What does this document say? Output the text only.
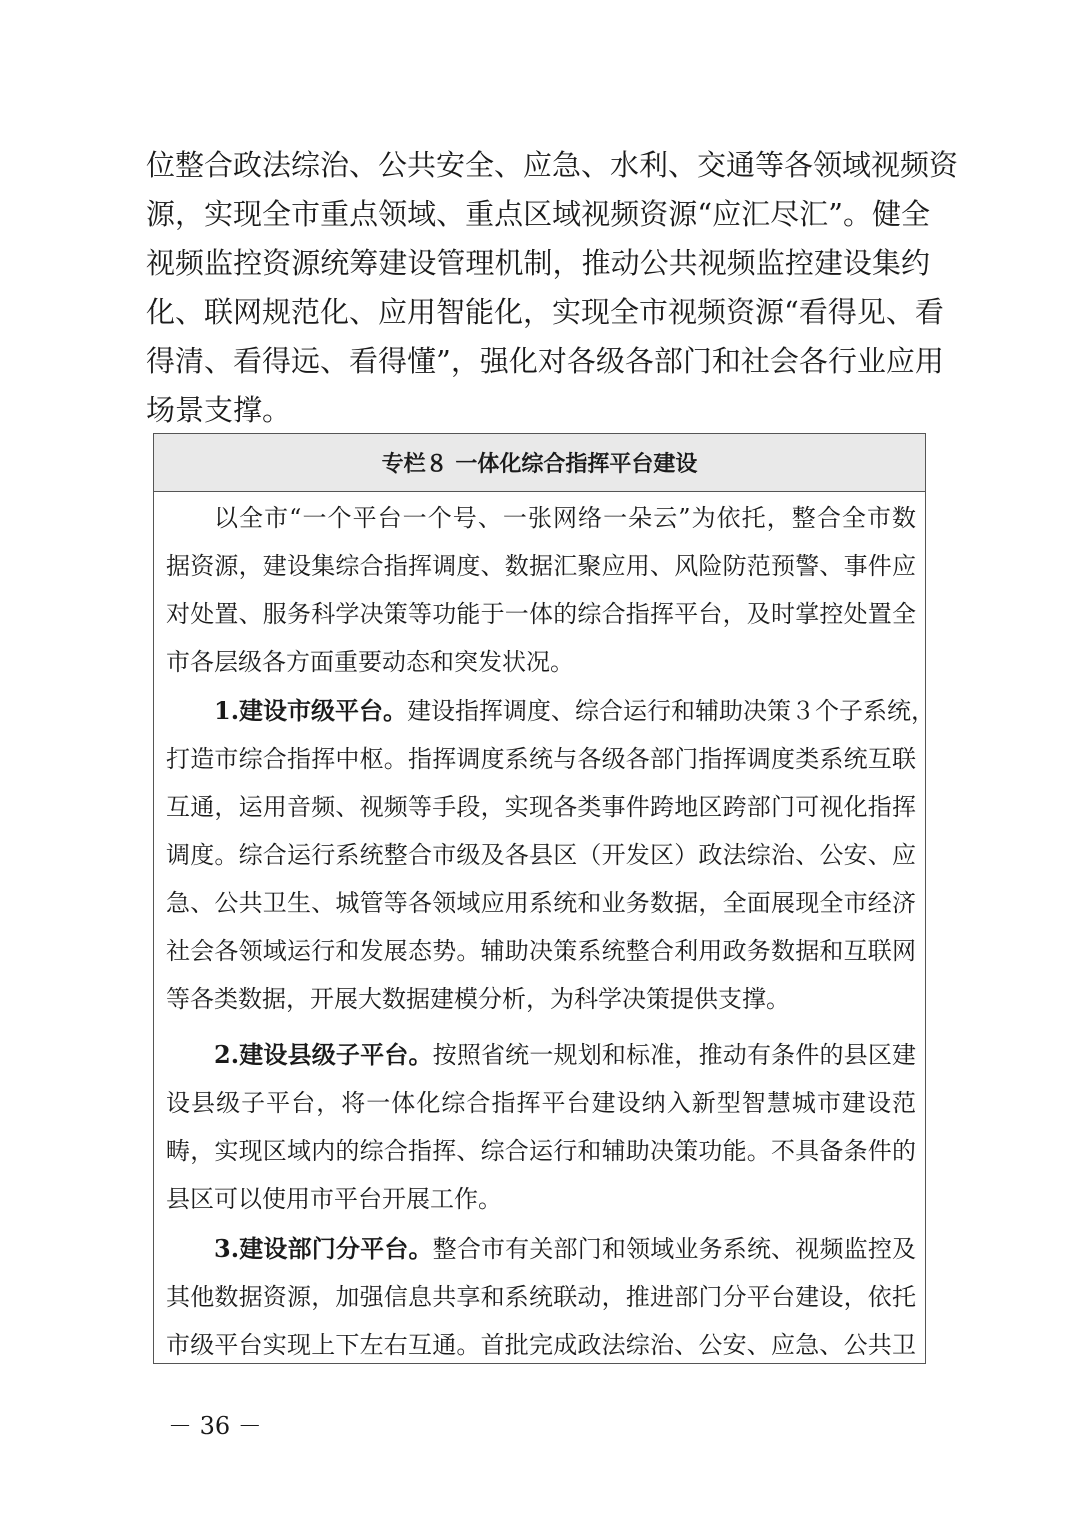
位整合政法综治、公共安全、应急、水利、交通等各领域视频资
源，实现全市重点领域、重点区域视频资源“应汇尽汇”。健全
视频监控资源统筹建设管理机制，推动公共视频监控建设集约
化、联网规范化、应用智能化，实现全市视频资源“看得见、看
得清、看得远、看得懂”，强化对各级各部门和社会各行业应用
场景支撑。
专栏８ 一体化综合指挥平台建设
以全市“一个平台一个号、一张网络一朵云”为依托，整合全市数
据资源，建设集综合指挥调度、数据汇聚应用、风险防范预警、事件应
对处置、服务科学决策等功能于一体的综合指挥平台，及时掌控处置全
市各层级各方面重要动态和突发状况。
1.建设市级平台。建设指挥调度、综合运行和辅助决策３个子系统，
打造市综合指挥中枢。指挥调度系统与各级各部门指挥调度类系统互联
互通，运用音频、视频等手段，实现各类事件跨地区跨部门可视化指挥
调度。综合运行系统整合市级及各县区（开发区）政法综治、公安、应
急、公共卫生、城管等各领域应用系统和业务数据，全面展现全市经济
社会各领域运行和发展态势。辅助决策系统整合利用政务数据和互联网
等各类数据，开展大数据建模分析，为科学决策提供支撑。
2.建设县级子平台。按照省统一规划和标准，推动有条件的县区建
设县级子平台，将一体化综合指挥平台建设纳入新型智慧城市建设范
畴，实现区域内的综合指挥、综合运行和辅助决策功能。不具备条件的
县区可以使用市平台开展工作。
3.建设部门分平台。整合市有关部门和领域业务系统、视频监控及
其他数据资源，加强信息共享和系统联动，推进部门分平台建设，依托
市级平台实现上下左右互通。首批完成政法综治、公安、应急、公共卫
－ 36 －
